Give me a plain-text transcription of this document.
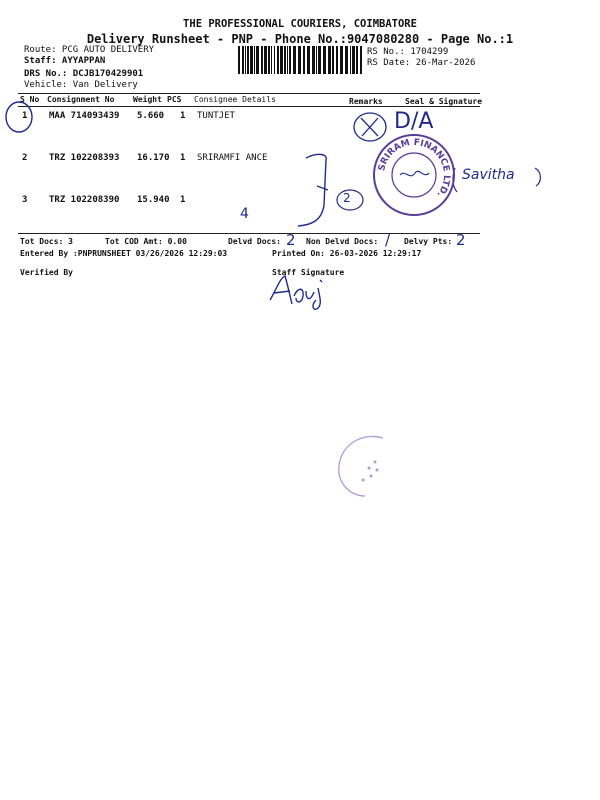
THE PROFESSIONAL COURIERS, COIMBATORE
Delivery Runsheet - PNP - Phone No.:9047080280 - Page No.:1
Route: PCG AUTO DELIVERY
Staff: AYYAPPAN
DRS No.: DCJB170429901
Vehicle: Van Delivery
RS No.: 1704299
RS Date: 26-Mar-2026
S No Consignment No Weight PCS Consignee Details	Remarks	Seal & Signature
1 MAA 714093439 5.660 1 TUNTJET
2 TRZ 102208393 16.170 1 SRIRAMFI ANCE
3 TRZ 102208390 15.940 1
Tot Docs: 3	Tot COD Amt: 0.00	Delvd Docs: 2 Non Delvd Docs: / Delvy Pts: 2
Entered By :PNPRUNSHEET 03/26/2026 12:29:03	Printed On: 26-03-2026 12:29:17
Verified By	Staff Signature
D/A
2
4
Savitha
SRIRAM FINANCE LTD.
